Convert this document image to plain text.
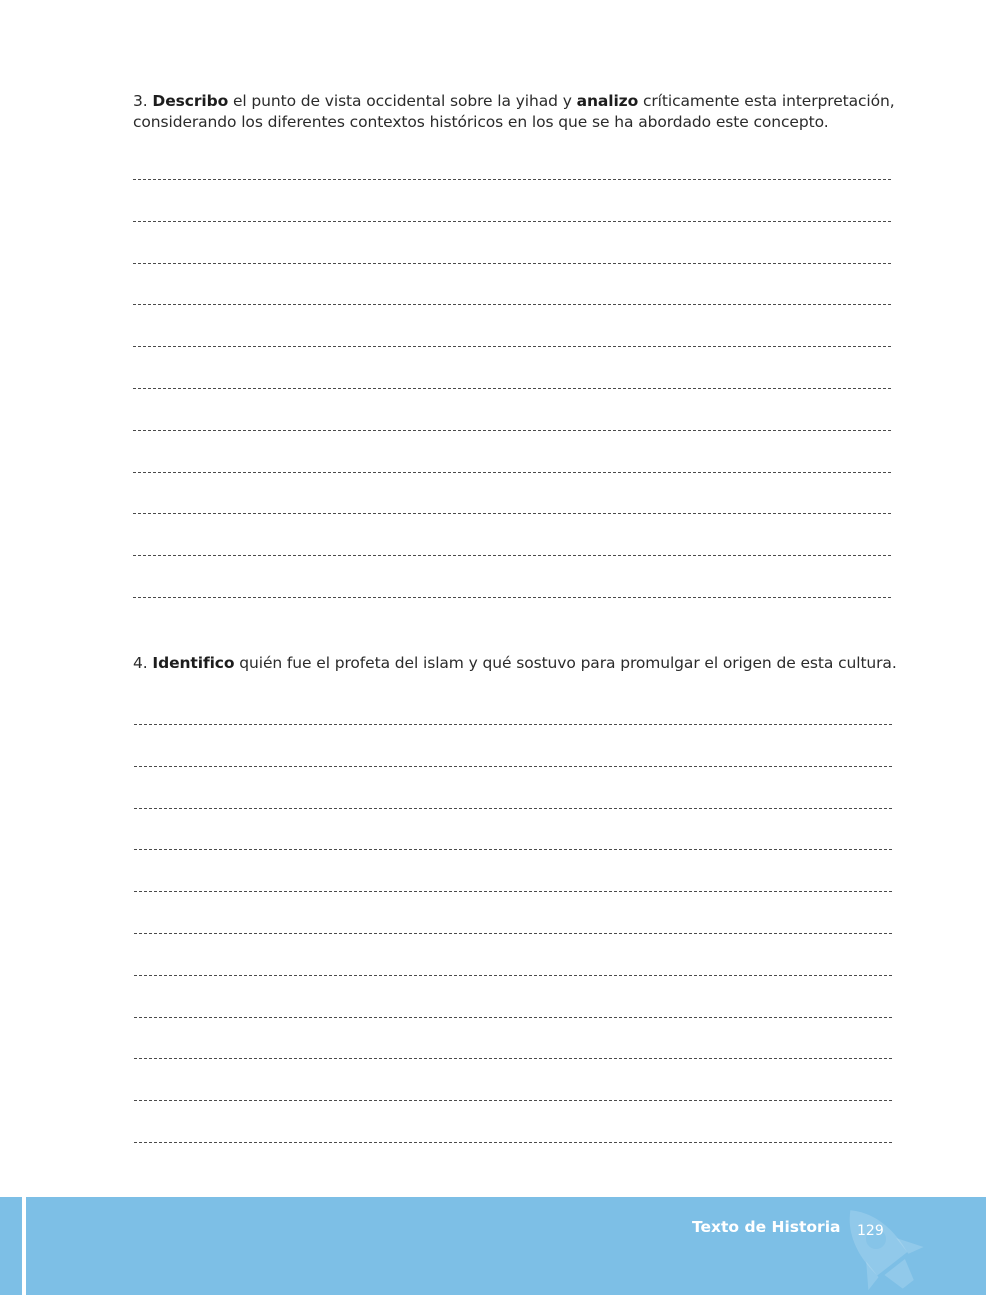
3. Describo el punto de vista occidental sobre la yihad y analizo críticamente esta interpretación, considerando los diferentes contextos históricos en los que se ha abordado este concepto.
4. Identifico quién fue el profeta del islam y qué sostuvo para promulgar el origen de esta cultura.
Texto de Historia 129
